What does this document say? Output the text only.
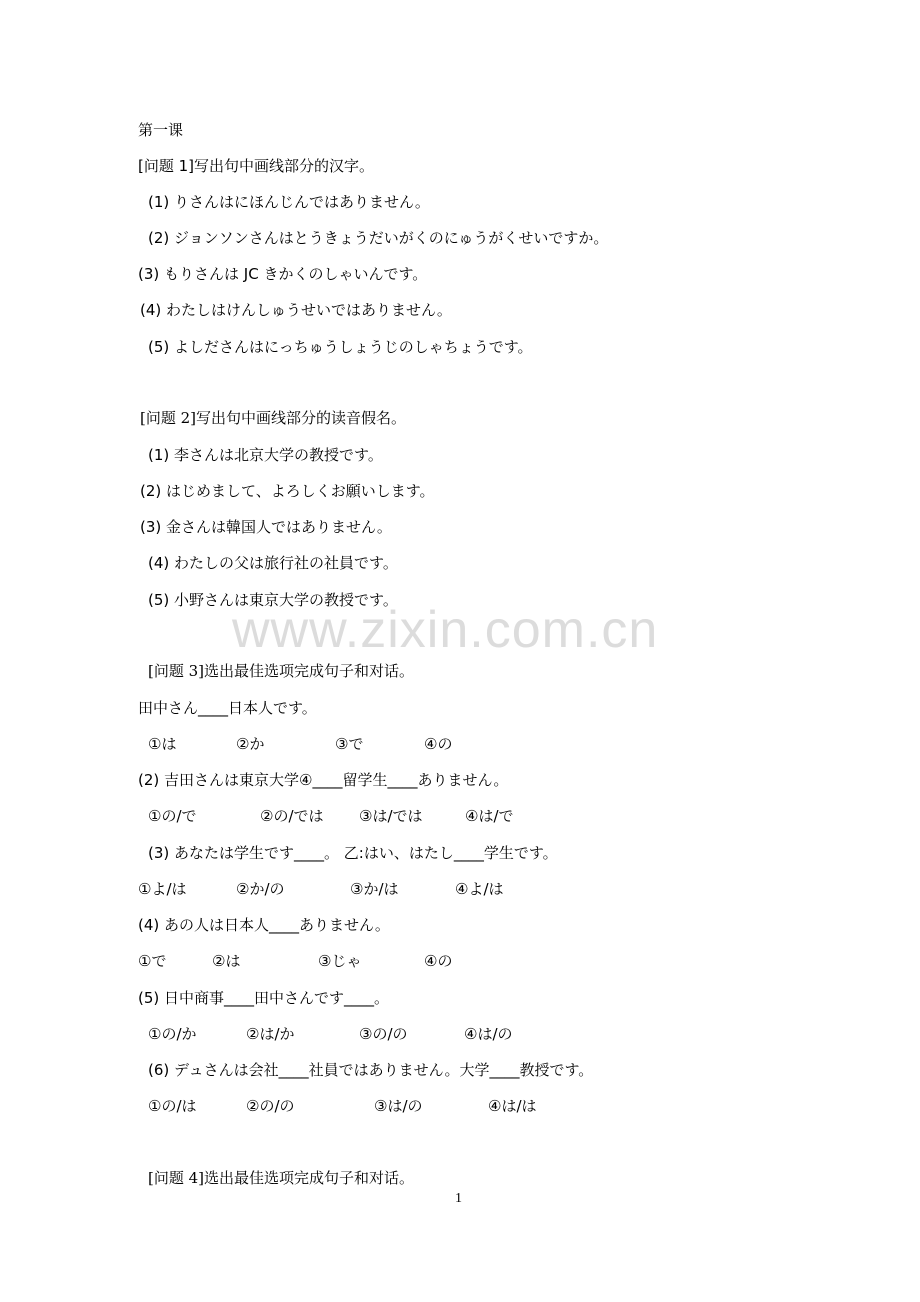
www.zixin.com.cn
第一课
[问题 1]写出句中画线部分的汉字。
(1) りさんはにほんじんではありません。
(2) ジョンソンさんはとうきょうだいがくのにゅうがくせいですか。
(3) もりさんは JC きかくのしゃいんです。
(4) わたしはけんしゅうせいではありません。
(5) よしださんはにっちゅうしょうじのしゃちょうです。
[问题 2]写出句中画线部分的读音假名。
(1) 李さんは北京大学の教授です。
(2) はじめまして、よろしくお願いします。
(3) 金さんは韓国人ではありません。
(4) わたしの父は旅行社の社員です。
(5) 小野さんは東京大学の教授です。
[问题 3]选出最佳选项完成句子和对话。
田中さん____日本人です。
①は	②か	③で	④の
(2) 吉田さんは東京大学④____留学生____ありません。
①の/で	②の/では ③は/では	④は/で
(3) あなたは学生です____。 乙:はい、はたし____学生です。
①よ/は	②か/の	③か/は	④よ/は
(4) あの人は日本人____ありません。
①で	②は	③じゃ	④の
(5) 日中商事____田中さんです____。
①の/か	②は/か	③の/の	④は/の
(6) デュさんは会社____社員ではありません。大学____教授です。
①の/は	②の/の	③は/の	④は/は
[问题 4]选出最佳选项完成句子和对话。
1
